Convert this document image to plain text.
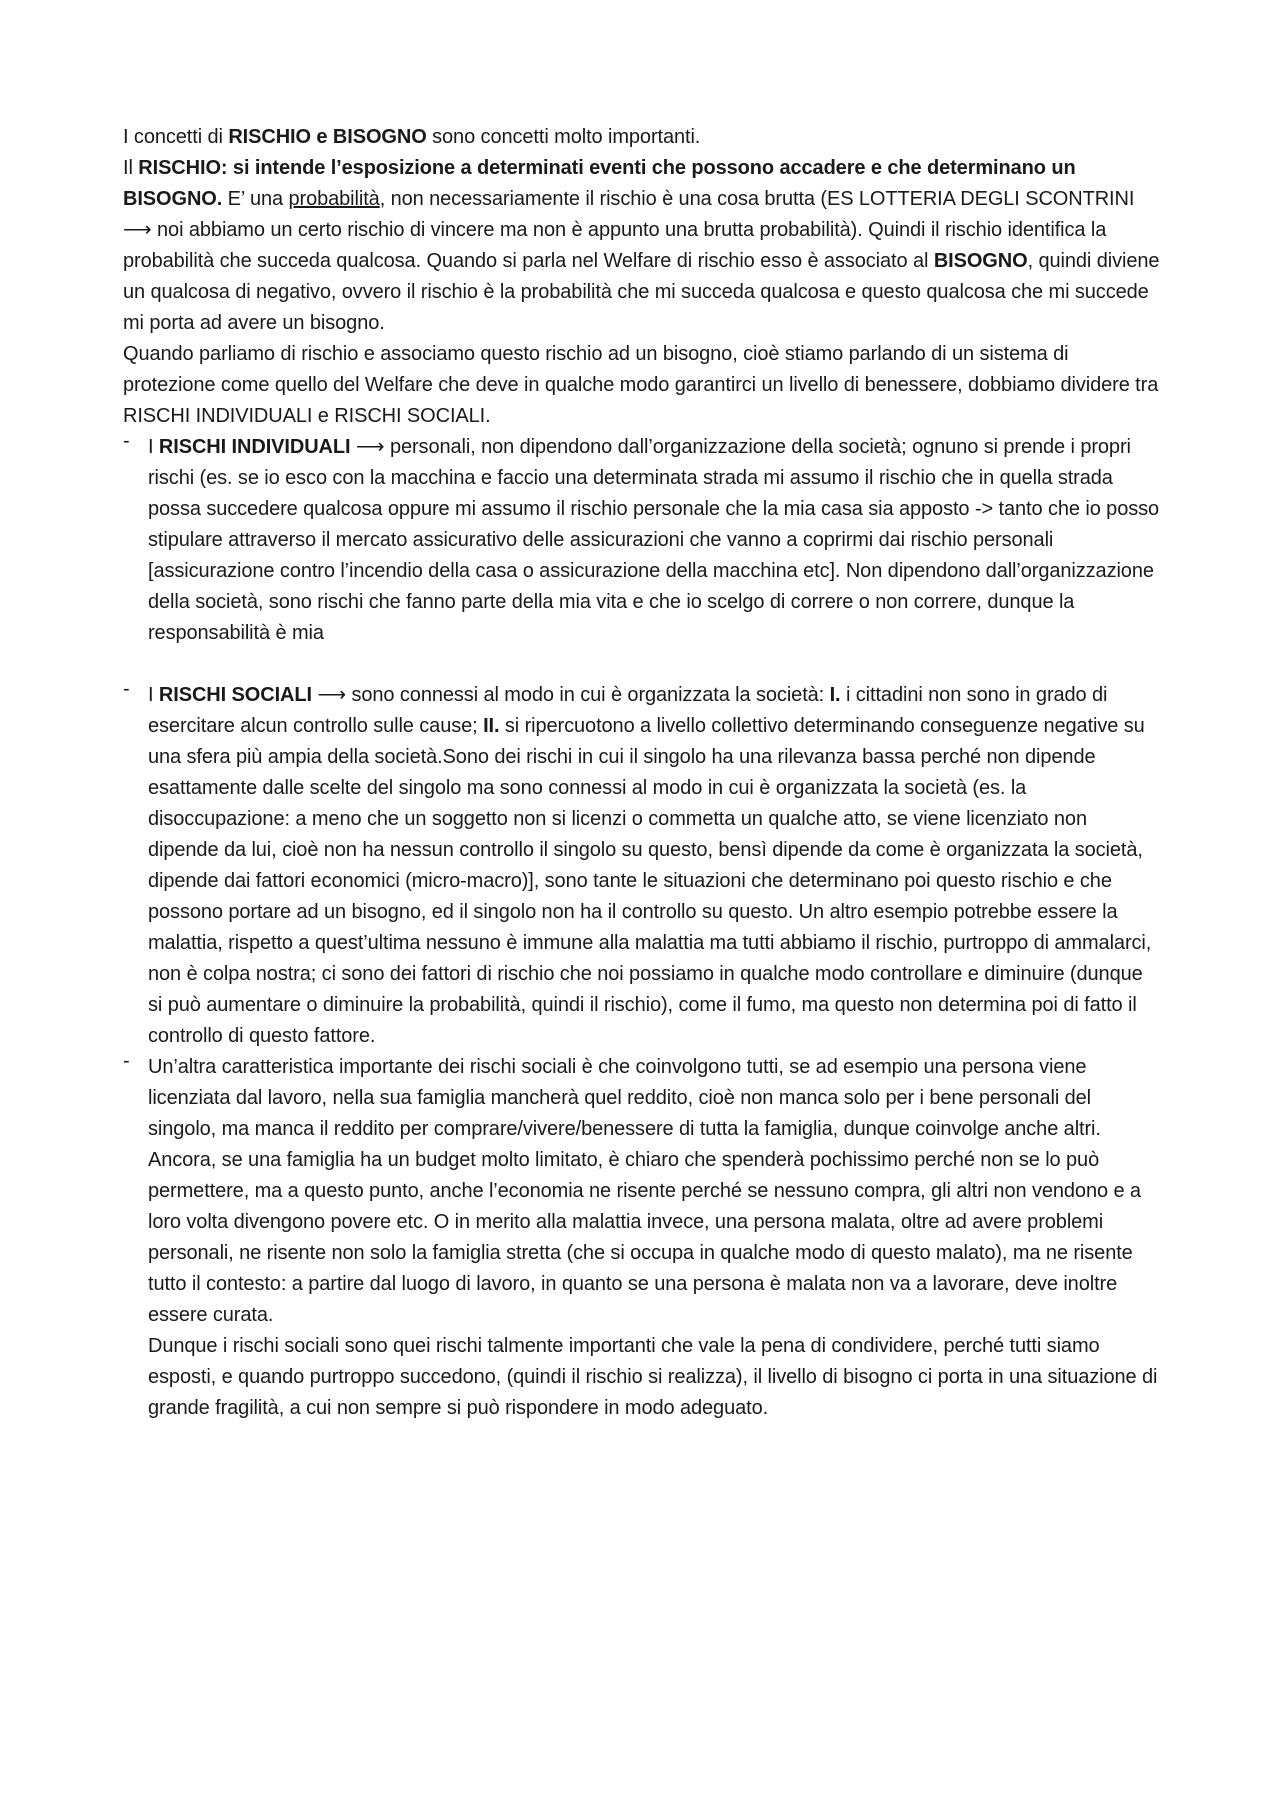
I concetti di RISCHIO e BISOGNO sono concetti molto importanti.

Il RISCHIO: si intende l’esposizione a determinati eventi che possono accadere e che determinano un BISOGNO. E’ una probabilità, non necessariamente il rischio è una cosa brutta (ES LOTTERIA DEGLI SCONTRINI ⟶ noi abbiamo un certo rischio di vincere ma non è appunto una brutta probabilità). Quindi il rischio identifica la probabilità che succeda qualcosa. Quando si parla nel Welfare di rischio esso è associato al BISOGNO, quindi diviene un qualcosa di negativo, ovvero il rischio è la probabilità che mi succeda qualcosa e questo qualcosa che mi succede mi porta ad avere un bisogno.

Quando parliamo di rischio e associamo questo rischio ad un bisogno, cioè stiamo parlando di un sistema di protezione come quello del Welfare che deve in qualche modo garantirci un livello di benessere, dobbiamo dividere tra RISCHI INDIVIDUALI e RISCHI SOCIALI.

- I RISCHI INDIVIDUALI ⟶ personali, non dipendono dall’organizzazione della società; ognuno si prende i propri rischi (es. se io esco con la macchina e faccio una determinata strada mi assumo il rischio che in quella strada possa succedere qualcosa oppure mi assumo il rischio personale che la mia casa sia apposto -> tanto che io posso stipulare attraverso il mercato assicurativo delle assicurazioni che vanno a coprirmi dai rischio personali [assicurazione contro l’incendio della casa o assicurazione della macchina etc]. Non dipendono dall’organizzazione della società, sono rischi che fanno parte della mia vita e che io scelgo di correre o non correre, dunque la responsabilità è mia
- I RISCHI SOCIALI ⟶ sono connessi al modo in cui è organizzata la società: I. i cittadini non sono in grado di esercitare alcun controllo sulle cause; II. si ripercuotono a livello collettivo determinando conseguenze negative su una sfera più ampia della società.Sono dei rischi in cui il singolo ha una rilevanza bassa perché non dipende esattamente dalle scelte del singolo ma sono connessi al modo in cui è organizzata la società (es. la disoccupazione: a meno che un soggetto non si licenzi o commetta un qualche atto, se viene licenziato non dipende da lui, cioè non ha nessun controllo il singolo su questo, bensì dipende da come è organizzata la società, dipende dai fattori economici (micro-macro)], sono tante le situazioni che determinano poi questo rischio e che possono portare ad un bisogno, ed il singolo non ha il controllo su questo. Un altro esempio potrebbe essere la malattia, rispetto a quest’ultima nessuno è immune alla malattia ma tutti abbiamo il rischio, purtroppo di ammalarci, non è colpa nostra; ci sono dei fattori di rischio che noi possiamo in qualche modo controllare e diminuire (dunque si può aumentare o diminuire la probabilità, quindi il rischio), come il fumo, ma questo non determina poi di fatto il controllo di questo fattore.
- Un’altra caratteristica importante dei rischi sociali è che coinvolgono tutti, se ad esempio una persona viene licenziata dal lavoro, nella sua famiglia mancherà quel reddito, cioè non manca solo per i bene personali del singolo, ma manca il reddito per comprare/vivere/benessere di tutta la famiglia, dunque coinvolge anche altri. Ancora, se una famiglia ha un budget molto limitato, è chiaro che spenderà pochissimo perché non se lo può permettere, ma a questo punto, anche l’economia ne risente perché se nessuno compra, gli altri non vendono e a loro volta divengono povere etc. O in merito alla malattia invece, una persona malata, oltre ad avere problemi personali, ne risente non solo la famiglia stretta (che si occupa in qualche modo di questo malato), ma ne risente tutto il contesto: a partire dal luogo di lavoro, in quanto se una persona è malata non va a lavorare, deve inoltre essere curata.
Dunque i rischi sociali sono quei rischi talmente importanti che vale la pena di condividere, perché tutti siamo esposti, e quando purtroppo succedono, (quindi il rischio si realizza), il livello di bisogno ci porta in una situazione di grande fragilità, a cui non sempre si può rispondere in modo adeguato.
